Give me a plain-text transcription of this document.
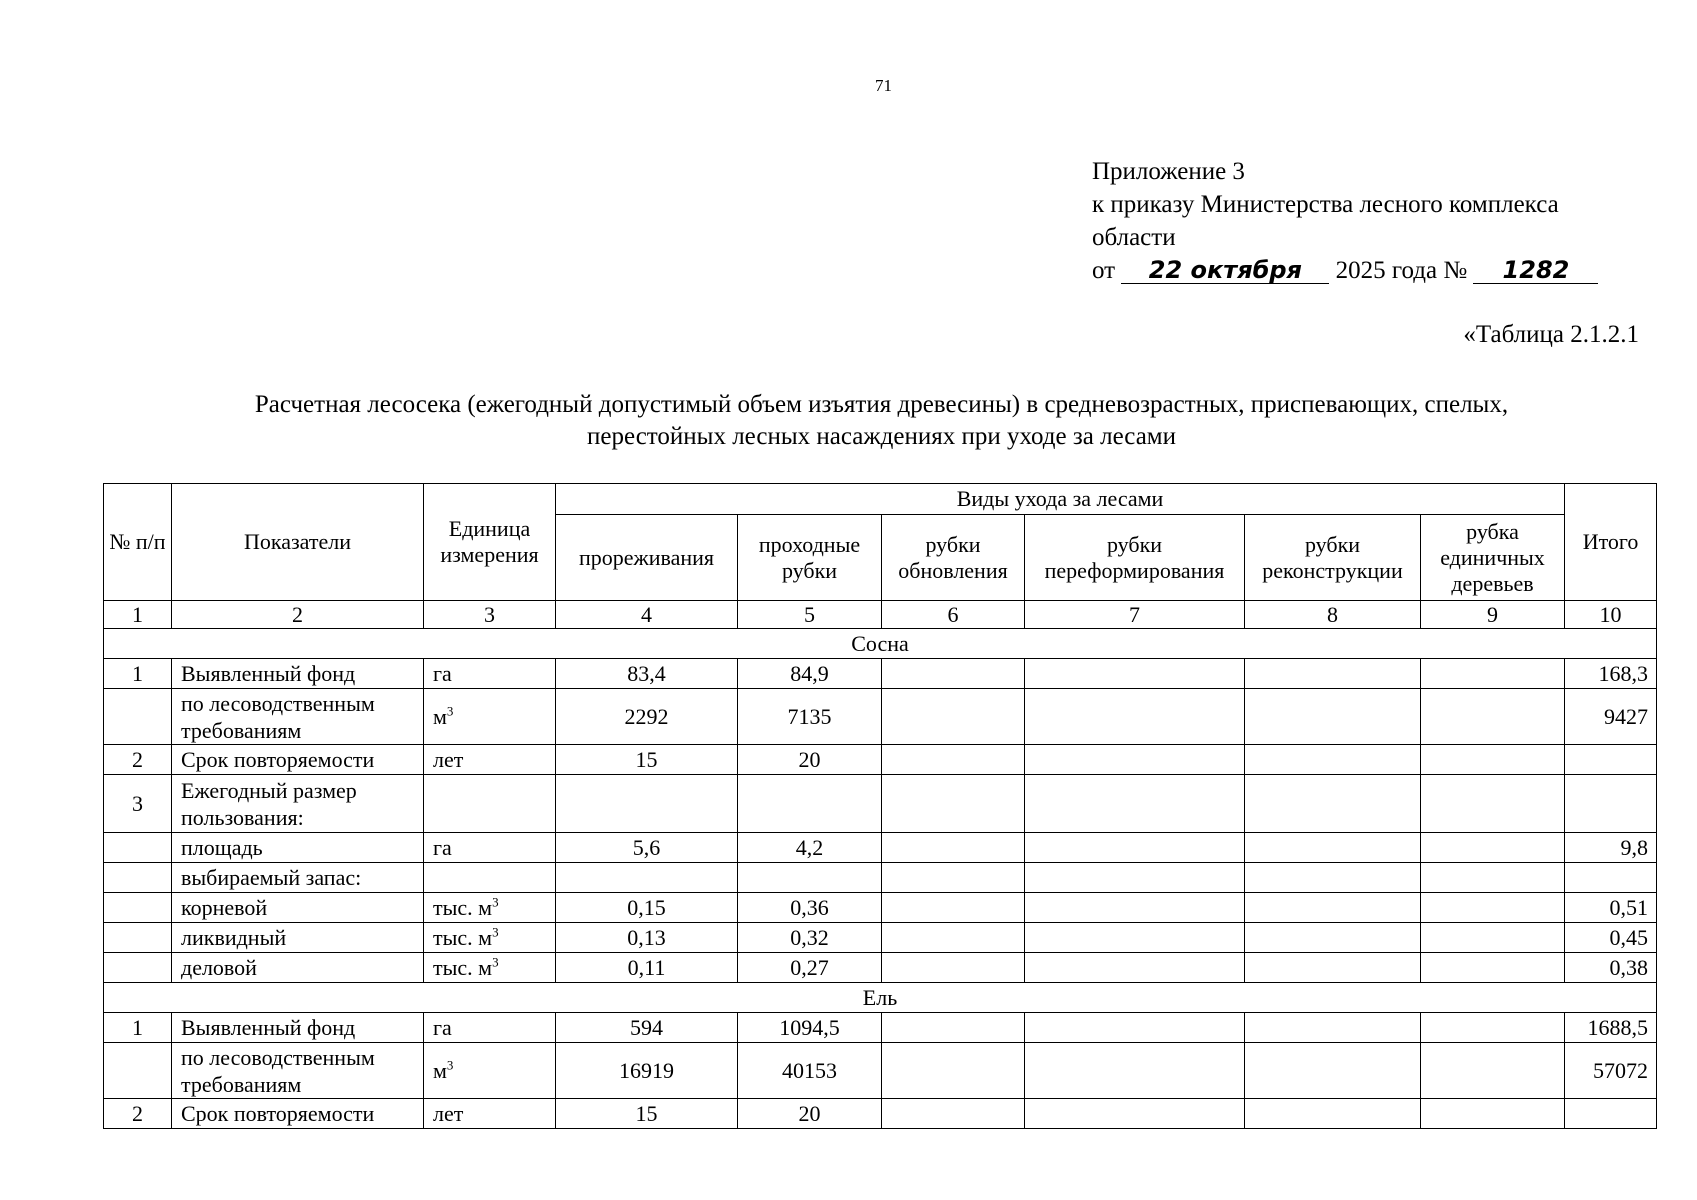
71
Приложение 3
к приказу Министерства лесного комплекса
области
от 22 октября 2025 года № 1282
«Таблица 2.1.2.1
Расчетная лесосека (ежегодный допустимый объем изъятия древесины) в средневозрастных, приспевающих, спелых,
перестойных лесных насаждениях при уходе за лесами
№ п/п	Показатели	Единица измерения	Виды ухода за лесами						Итого
			прореживания	проходные рубки	рубки обновления	рубки переформирования	рубки реконструкции	рубка единичных деревьев	
1	2	3	4	5	6	7	8	9	10
Сосна									
1	Выявленный фонд	га	83,4	84,9					168,3
	по лесоводственным требованиям	$м^3$	2292	7135					9427
2	Срок повторяемости	лет	15	20					
3	Ежегодный размер пользования:								
	площадь	га	5,6	4,2					9,8
	выбираемый запас:								
	корневой	тыс. $м^3$	0,15	0,36					0,51
	ликвидный	тыс. $м^3$	0,13	0,32					0,45
	деловой	тыс. $м^3$	0,11	0,27					0,38
Ель									
1	Выявленный фонд	га	594	1094,5					1688,5
	по лесоводственным требованиям	$м^3$	16919	40153					57072
2	Срок повторяемости	лет	15	20					
